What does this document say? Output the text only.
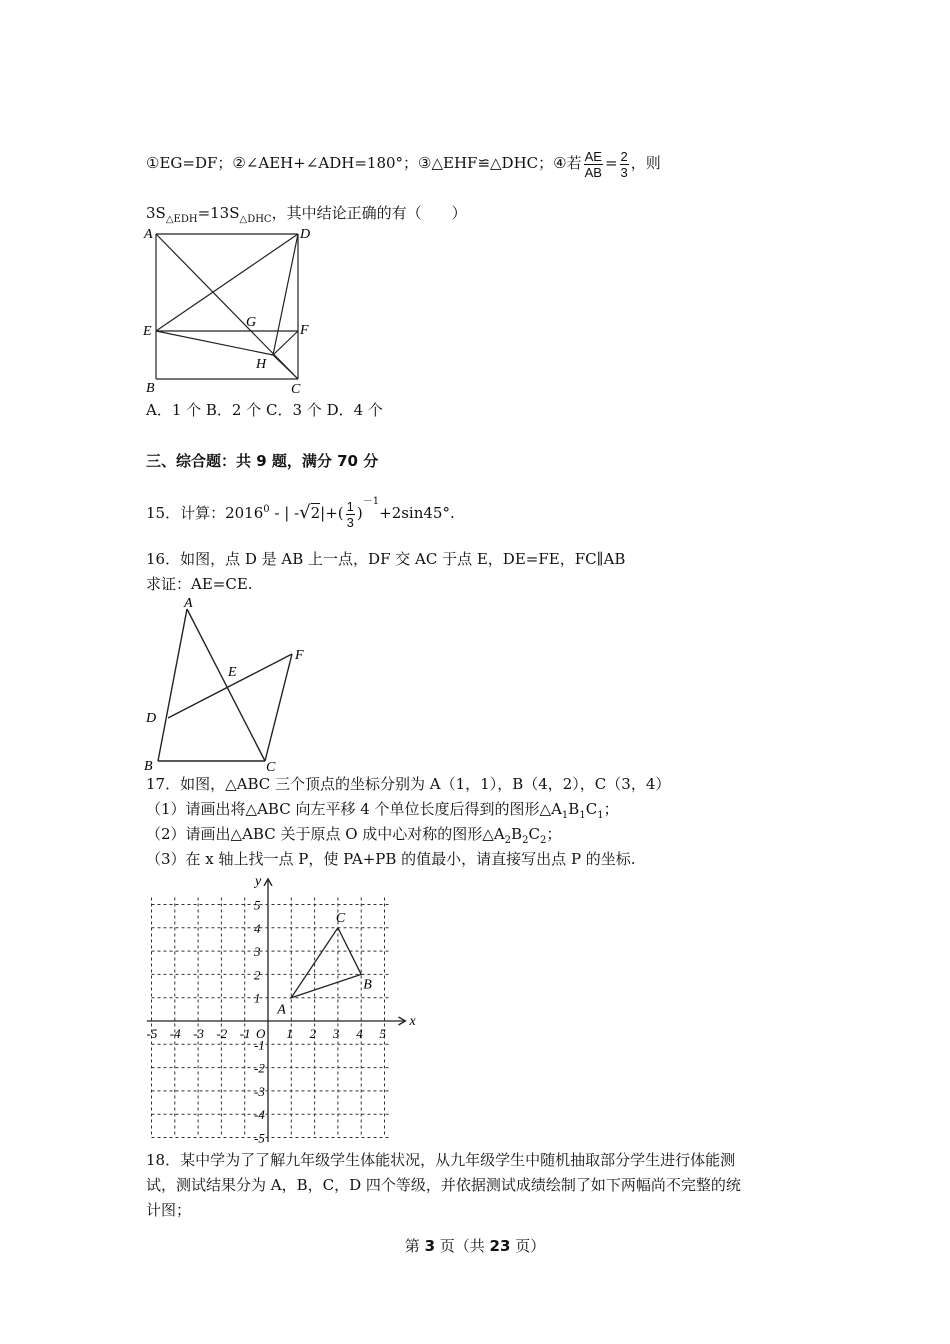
①EG=DF；②∠AEH+∠ADH=180°；③△EHF≌△DHC；④若 $\frac{AE}{AB} = \frac{2}{3}$ ，则
$3S_{\triangle EDH}=13S_{\triangle DHC}$，其中结论正确的有（　　）
A	D
E
G
F
H
B	C
A．1 个 B．2 个 C．3 个 D．4 个
三、综合题：共 9 题，满分 70 分
15．计算：2016$^0$ - | $-√2|+( \frac{1}{3} )^{-1}+2\sin 45^\circ$.
16．如图，点 D 是 AB 上一点，DF 交 AC 于点 E，DE=FE，FC∥AB
求证：AE=CE.
A
E
F
D
B	C
17．如图，△ABC 三个顶点的坐标分别为 A（1，1），B（4，2），C（3，4）
（1）请画出将△ABC 向左平移 4 个单位长度后得到的图形$\triangle A_1B_1C_1$；
（2）请画出△ABC 关于原点 O 成中心对称的图形$\triangle A_2B_2C_2$；
（3）在 x 轴上找一点 P，使 PA+PB 的值最小，请直接写出点 P 的坐标.
x
y
O
-5 -4 -3 -2 -1	1 2 3 4 5
5
4
3
2
1
-1
-2
-3
-4
-5
A
B
C
18．某中学为了了解九年级学生体能状况，从九年级学生中随机抽取部分学生进行体能测
试，测试结果分为 A，B，C，D 四个等级，并依据测试成绩绘制了如下两幅尚不完整的统
计图；
第 3 页（共 23 页）
